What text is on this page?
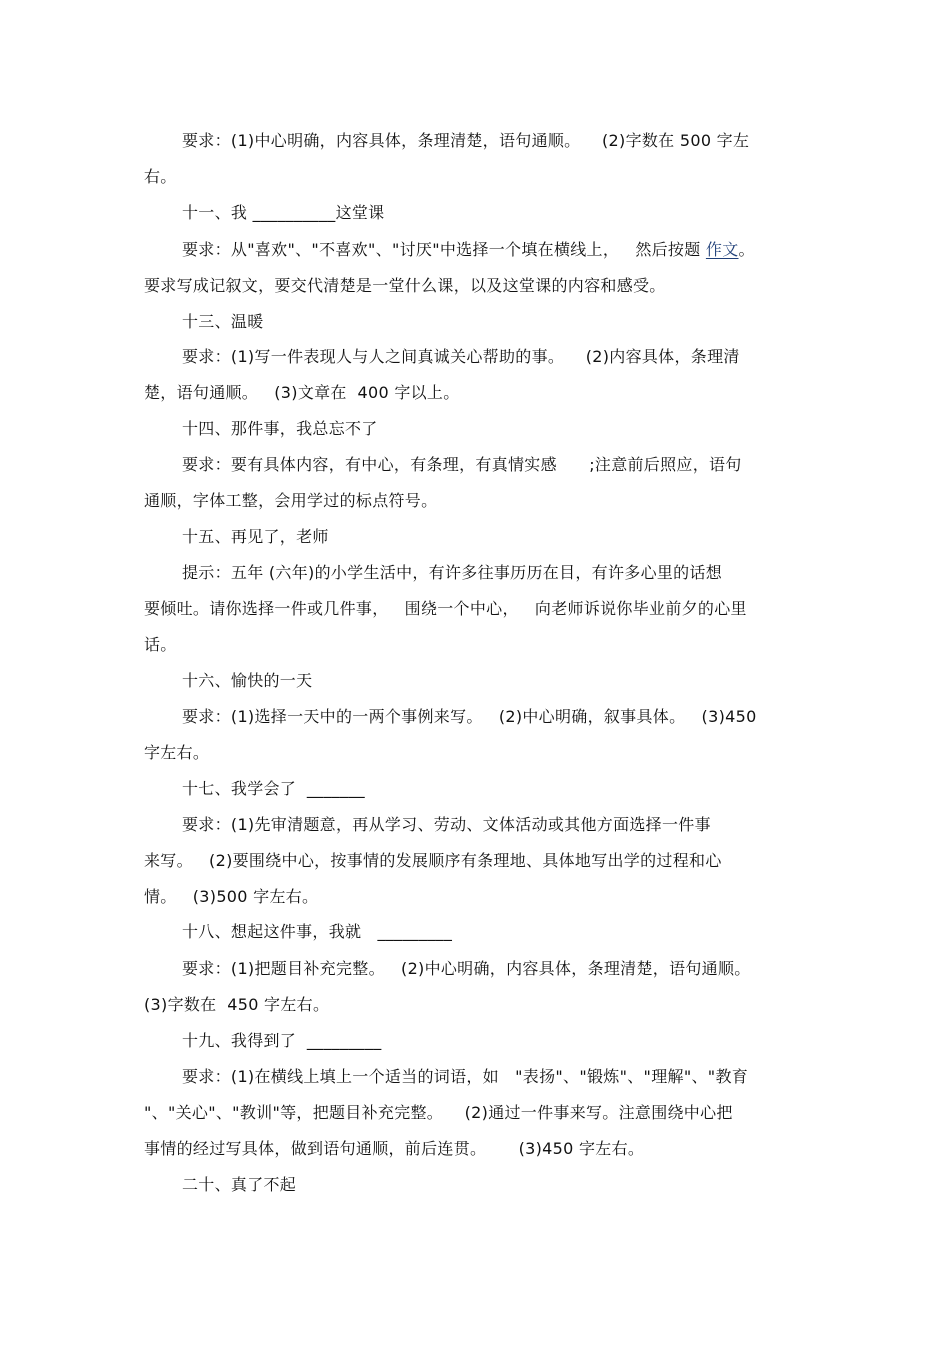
要求：(1)中心明确，内容具体，条理清楚，语句通顺。    (2)字数在 500 字左
右。
十一、我 __________这堂课
要求：从"喜欢"、"不喜欢"、"讨厌"中选择一个填在横线上，   然后按题 作文。
要求写成记叙文，要交代清楚是一堂什么课，以及这堂课的内容和感受。
十三、温暖
要求：(1)写一件表现人与人之间真诚关心帮助的事。    (2)内容具体，条理清
楚，语句通顺。   (3)文章在  400 字以上。
十四、那件事，我总忘不了
要求：要有具体内容，有中心，有条理，有真情实感      ;注意前后照应，语句
通顺，字体工整，会用学过的标点符号。
十五、再见了，老师
提示：五年 (六年)的小学生活中，有许多往事历历在目，有许多心里的话想
要倾吐。请你选择一件或几件事，   围绕一个中心，   向老师诉说你毕业前夕的心里
话。
十六、愉快的一天
要求：(1)选择一天中的一两个事例来写。   (2)中心明确，叙事具体。   (3)450
字左右。
十七、我学会了  _______
要求：(1)先审清题意，再从学习、劳动、文体活动或其他方面选择一件事
来写。   (2)要围绕中心，按事情的发展顺序有条理地、具体地写出学的过程和心
情。   (3)500 字左右。
十八、想起这件事，我就   _________
要求：(1)把题目补充完整。   (2)中心明确，内容具体，条理清楚，语句通顺。
(3)字数在  450 字左右。
十九、我得到了  _________
要求：(1)在横线上填上一个适当的词语，如   "表扬"、"锻炼"、"理解"、"教育
"、"关心"、"教训"等，把题目补充完整。    (2)通过一件事来写。注意围绕中心把
事情的经过写具体，做到语句通顺，前后连贯。      (3)450 字左右。
二十、真了不起
